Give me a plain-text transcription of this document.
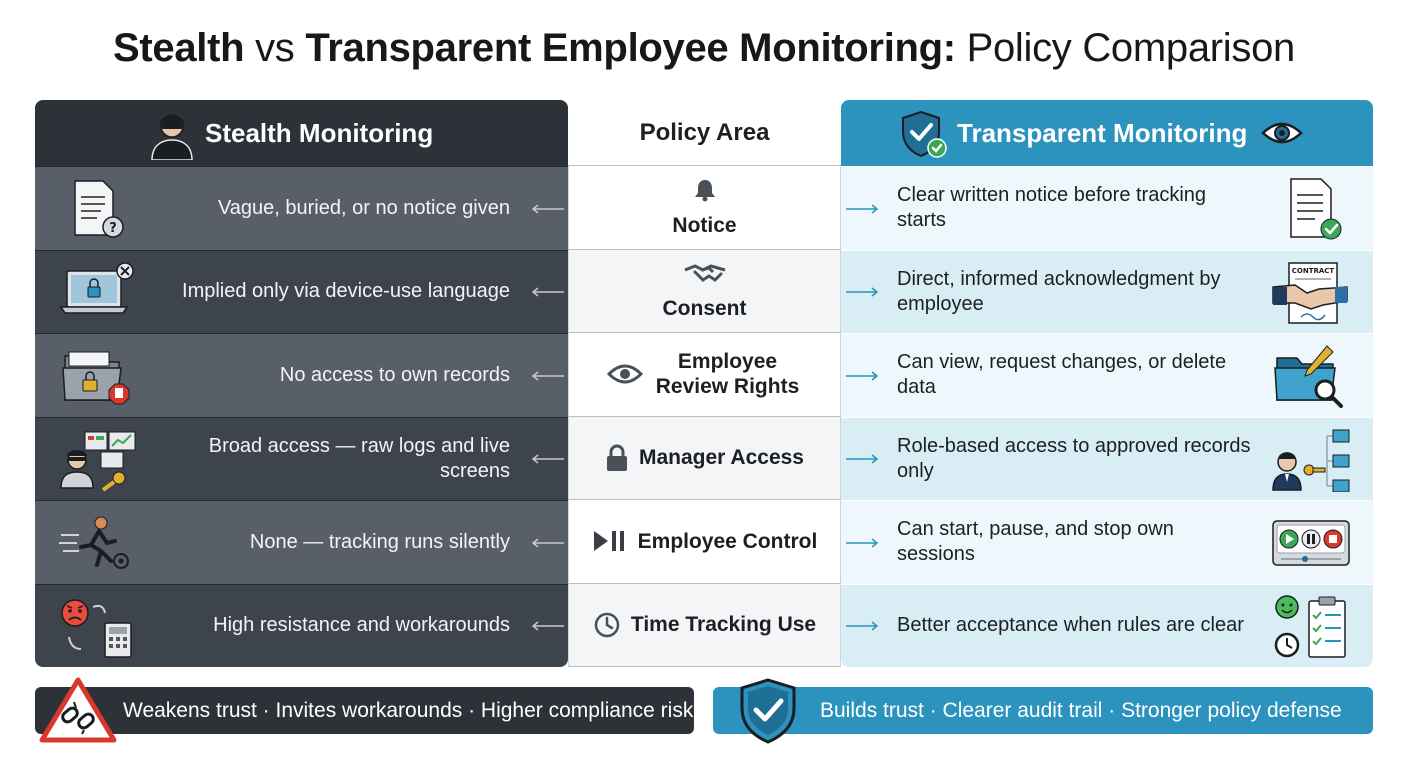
Stealth vs Transparent Employee Monitoring: Policy Comparison
Stealth Monitoring
?
Vague, buried, or no notice given
Implied only via device-use language
No access to own records
Broad access — raw logs and live screens
None — tracking runs silently
High resistance and workarounds
Policy Area
Notice
Consent
Employee Review Rights
Manager Access
Employee Control
Time Tracking Use
Transparent Monitoring
Clear written notice before tracking starts
Direct, informed acknowledgment by employee
CONTRACT
Can view, request changes, or delete data
Role-based access to approved records only
Can start, pause, and stop own sessions
Better acceptance when rules are clear
Weakens trust · Invites workarounds · Higher compliance risk	Builds trust · Clearer audit trail · Stronger policy defense
